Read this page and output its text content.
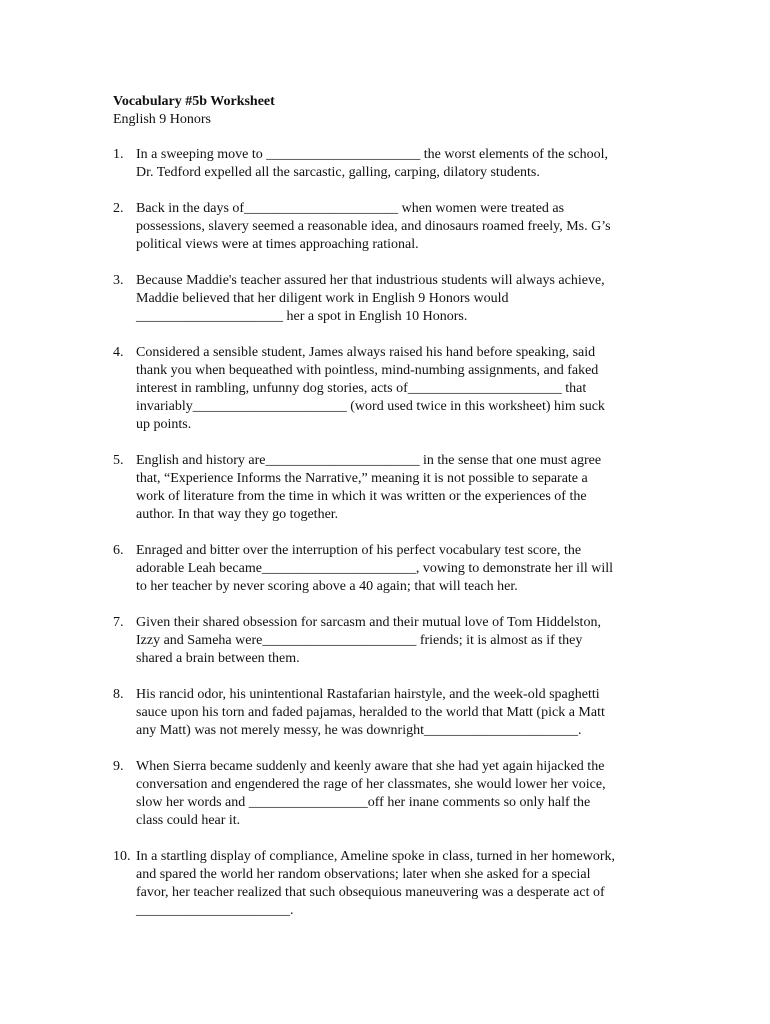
Vocabulary #5b Worksheet

English 9 Honors

1. In a sweeping move to ______________________ the worst elements of the school,
Dr. Tedford expelled all the sarcastic, galling, carping, dilatory students.
2. Back in the days of______________________ when women were treated as
possessions, slavery seemed a reasonable idea, and dinosaurs roamed freely, Ms. G’s
political views were at times approaching rational.
3. Because Maddie's teacher assured her that industrious students will always achieve,
Maddie believed that her diligent work in English 9 Honors would
_____________________ her a spot in English 10 Honors.
4. Considered a sensible student, James always raised his hand before speaking, said
thank you when bequeathed with pointless, mind-numbing assignments, and faked
interest in rambling, unfunny dog stories, acts of______________________ that
invariably______________________ (word used twice in this worksheet) him suck
up points.
5. English and history are______________________ in the sense that one must agree
that, “Experience Informs the Narrative,” meaning it is not possible to separate a
work of literature from the time in which it was written or the experiences of the
author. In that way they go together.
6. Enraged and bitter over the interruption of his perfect vocabulary test score, the
adorable Leah became______________________, vowing to demonstrate her ill will
to her teacher by never scoring above a 40 again; that will teach her.
7. Given their shared obsession for sarcasm and their mutual love of Tom Hiddelston,
Izzy and Sameha were______________________ friends; it is almost as if they
shared a brain between them.
8. His rancid odor, his unintentional Rastafarian hairstyle, and the week-old spaghetti
sauce upon his torn and faded pajamas, heralded to the world that Matt (pick a Matt
any Matt) was not merely messy, he was downright______________________.
9. When Sierra became suddenly and keenly aware that she had yet again hijacked the
conversation and engendered the rage of her classmates, she would lower her voice,
slow her words and _________________off her inane comments so only half the
class could hear it.
10. In a startling display of compliance, Ameline spoke in class, turned in her homework,
and spared the world her random observations; later when she asked for a special
favor, her teacher realized that such obsequious maneuvering was a desperate act of
______________________.
